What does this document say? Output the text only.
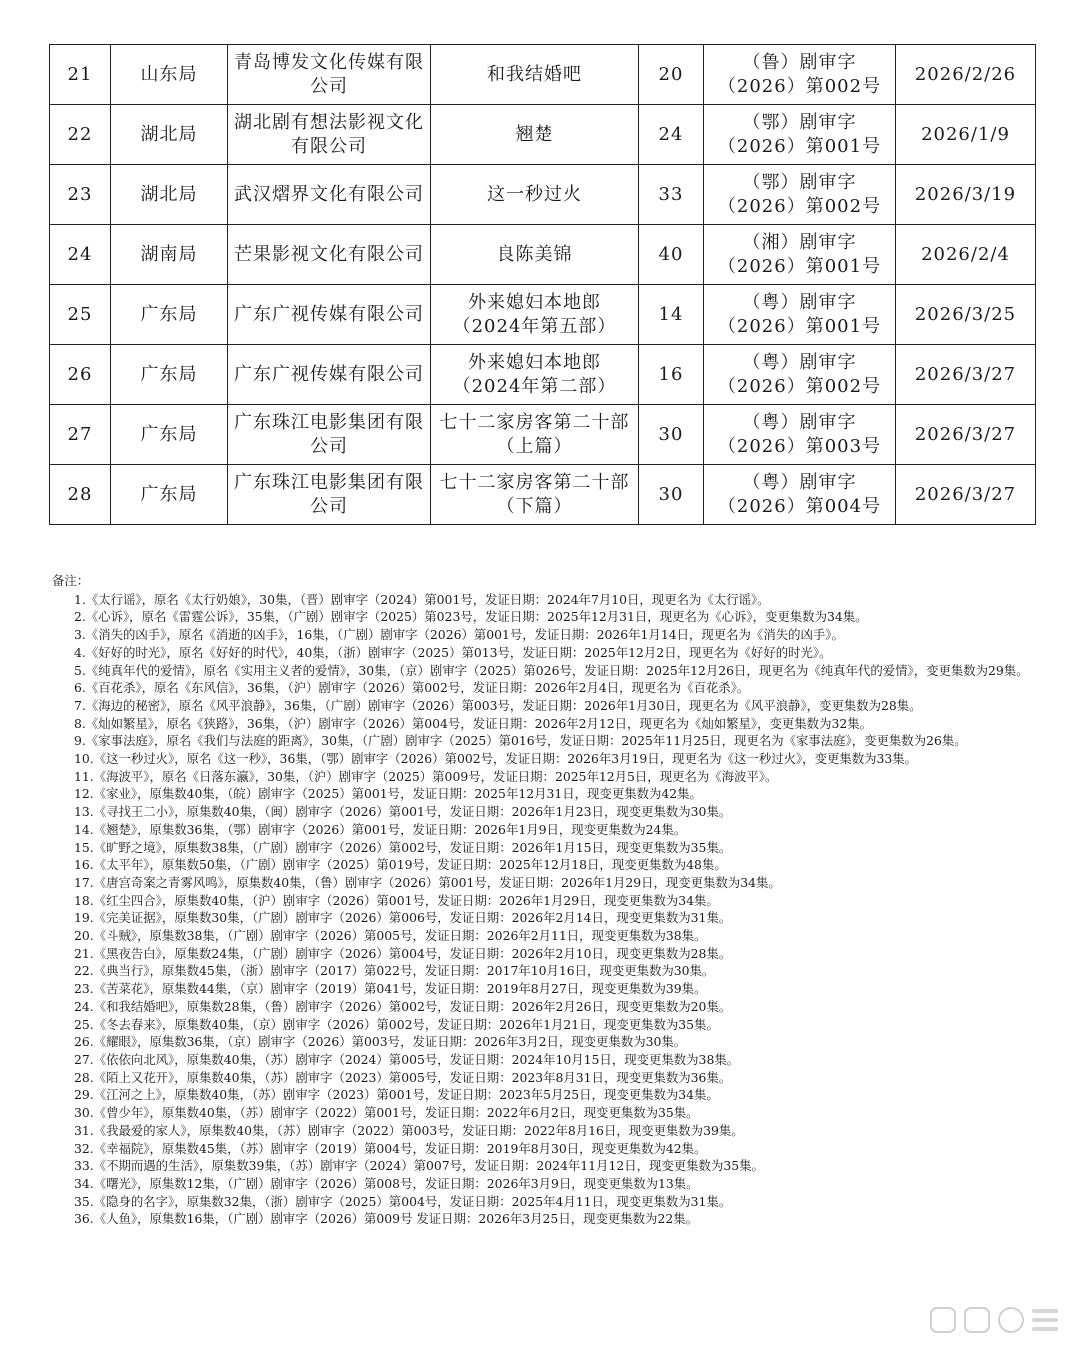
21	山东局	青岛博发文化传媒有限公司	和我结婚吧	20	（鲁）剧审字（2026）第002号	2026/2/26
22	湖北局	湖北剧有想法影视文化有限公司	翘楚	24	（鄂）剧审字（2026）第001号	2026/1/9
23	湖北局	武汉熠界文化有限公司	这一秒过火	33	（鄂）剧审字（2026）第002号	2026/3/19
24	湖南局	芒果影视文化有限公司	良陈美锦	40	（湘）剧审字（2026）第001号	2026/2/4
25	广东局	广东广视传媒有限公司	外来媳妇本地郎（2024年第五部）	14	（粤）剧审字（2026）第001号	2026/3/25
26	广东局	广东广视传媒有限公司	外来媳妇本地郎（2024年第二部）	16	（粤）剧审字（2026）第002号	2026/3/27
27	广东局	广东珠江电影集团有限公司	七十二家房客第二十部（上篇）	30	（粤）剧审字（2026）第003号	2026/3/27
28	广东局	广东珠江电影集团有限公司	七十二家房客第二十部（下篇）	30	（粤）剧审字（2026）第004号	2026/3/27
备注：
1.《太行谣》，原名《太行奶娘》，30集，（晋）剧审字（2024）第001号，发证日期：2024年7月10日，现更名为《太行谣》。
2.《心诉》，原名《雷霆公诉》，35集，（广剧）剧审字（2025）第023号，发证日期：2025年12月31日，现更名为《心诉》，变更集数为34集。
3.《消失的凶手》，原名《消逝的凶手》，16集，（广剧）剧审字（2026）第001号，发证日期：2026年1月14日，现更名为《消失的凶手》。
4.《好好的时光》，原名《好好的时代》，40集，（浙）剧审字（2025）第013号，发证日期：2025年12月2日，现更名为《好好的时光》。
5.《纯真年代的爱情》，原名《实用主义者的爱情》，30集，（京）剧审字（2025）第026号，发证日期：2025年12月26日，现更名为《纯真年代的爱情》，变更集数为29集。
6.《百花杀》，原名《东风信》，36集，（沪）剧审字（2026）第002号，发证日期：2026年2月4日，现更名为《百花杀》。
7.《海边的秘密》，原名《风平浪静》，36集，（广剧）剧审字（2026）第003号，发证日期：2026年1月30日，现更名为《风平浪静》，变更集数为28集。
8.《灿如繁星》，原名《狭路》，36集，（沪）剧审字（2026）第004号，发证日期：2026年2月12日，现更名为《灿如繁星》，变更集数为32集。
9.《家事法庭》，原名《我们与法庭的距离》，30集，（广剧）剧审字（2025）第016号，发证日期：2025年11月25日，现更名为《家事法庭》，变更集数为26集。
10.《这一秒过火》，原名《这一秒》，36集，（鄂）剧审字（2026）第002号，发证日期：2026年3月19日，现更名为《这一秒过火》，变更集数为33集。
11.《海波平》，原名《日落东瀛》，30集，（沪）剧审字（2025）第009号，发证日期：2025年12月5日，现更名为《海波平》。
12.《家业》，原集数40集，（皖）剧审字（2025）第001号，发证日期：2025年12月31日，现变更集数为42集。
13.《寻找王二小》，原集数40集，（闽）剧审字（2026）第001号，发证日期：2026年1月23日，现变更集数为30集。
14.《翘楚》，原集数36集，（鄂）剧审字（2026）第001号，发证日期：2026年1月9日，现变更集数为24集。
15.《旷野之境》，原集数38集，（广剧）剧审字（2026）第002号，发证日期：2026年1月15日，现变更集数为35集。
16.《太平年》，原集数50集，（广剧）剧审字（2025）第019号，发证日期：2025年12月18日，现变更集数为48集。
17.《唐宫奇案之青雾风鸣》，原集数40集，（鲁）剧审字（2026）第001号，发证日期：2026年1月29日，现变更集数为34集。
18.《红尘四合》，原集数40集，（沪）剧审字（2026）第001号，发证日期：2026年1月29日，现变更集数为34集。
19.《完美证据》，原集数30集，（广剧）剧审字（2026）第006号，发证日期：2026年2月14日，现变更集数为31集。
20.《斗贼》，原集数38集，（广剧）剧审字（2026）第005号，发证日期：2026年2月11日，现变更集数为38集。
21.《黑夜告白》，原集数24集，（广剧）剧审字（2026）第004号，发证日期：2026年2月10日，现变更集数为28集。
22.《典当行》，原集数45集，（浙）剧审字（2017）第022号，发证日期：2017年10月16日，现变更集数为30集。
23.《苦菜花》，原集数44集，（京）剧审字（2019）第041号，发证日期：2019年8月27日，现变更集数为39集。
24.《和我结婚吧》，原集数28集，（鲁）剧审字（2026）第002号，发证日期：2026年2月26日，现变更集数为20集。
25.《冬去春来》，原集数40集，（京）剧审字（2026）第002号，发证日期：2026年1月21日，现变更集数为35集。
26.《耀眼》，原集数36集，（京）剧审字（2026）第003号，发证日期：2026年3月2日，现变更集数为30集。
27.《依依向北风》，原集数40集，（苏）剧审字（2024）第005号，发证日期：2024年10月15日，现变更集数为38集。
28.《陌上又花开》，原集数40集，（苏）剧审字（2023）第005号，发证日期：2023年8月31日，现变更集数为36集。
29.《江河之上》，原集数40集，（苏）剧审字（2023）第001号，发证日期：2023年5月25日，现变更集数为34集。
30.《曾少年》，原集数40集，（苏）剧审字（2022）第001号，发证日期：2022年6月2日，现变更集数为35集。
31.《我最爱的家人》，原集数40集，（苏）剧审字（2022）第003号，发证日期：2022年8月16日，现变更集数为39集。
32.《幸福院》，原集数45集，（苏）剧审字（2019）第004号，发证日期：2019年8月30日，现变更集数为42集。
33.《不期而遇的生活》，原集数39集，（苏）剧审字（2024）第007号，发证日期：2024年11月12日，现变更集数为35集。
34.《曙光》，原集数12集，（广剧）剧审字（2026）第008号，发证日期：2026年3月9日，现变更集数为13集。
35.《隐身的名字》，原集数32集，（浙）剧审字（2025）第004号，发证日期：2025年4月11日，现变更集数为31集。
36.《人鱼》，原集数16集，（广剧）剧审字（2026）第009号 发证日期：2026年3月25日，现变更集数为22集。
